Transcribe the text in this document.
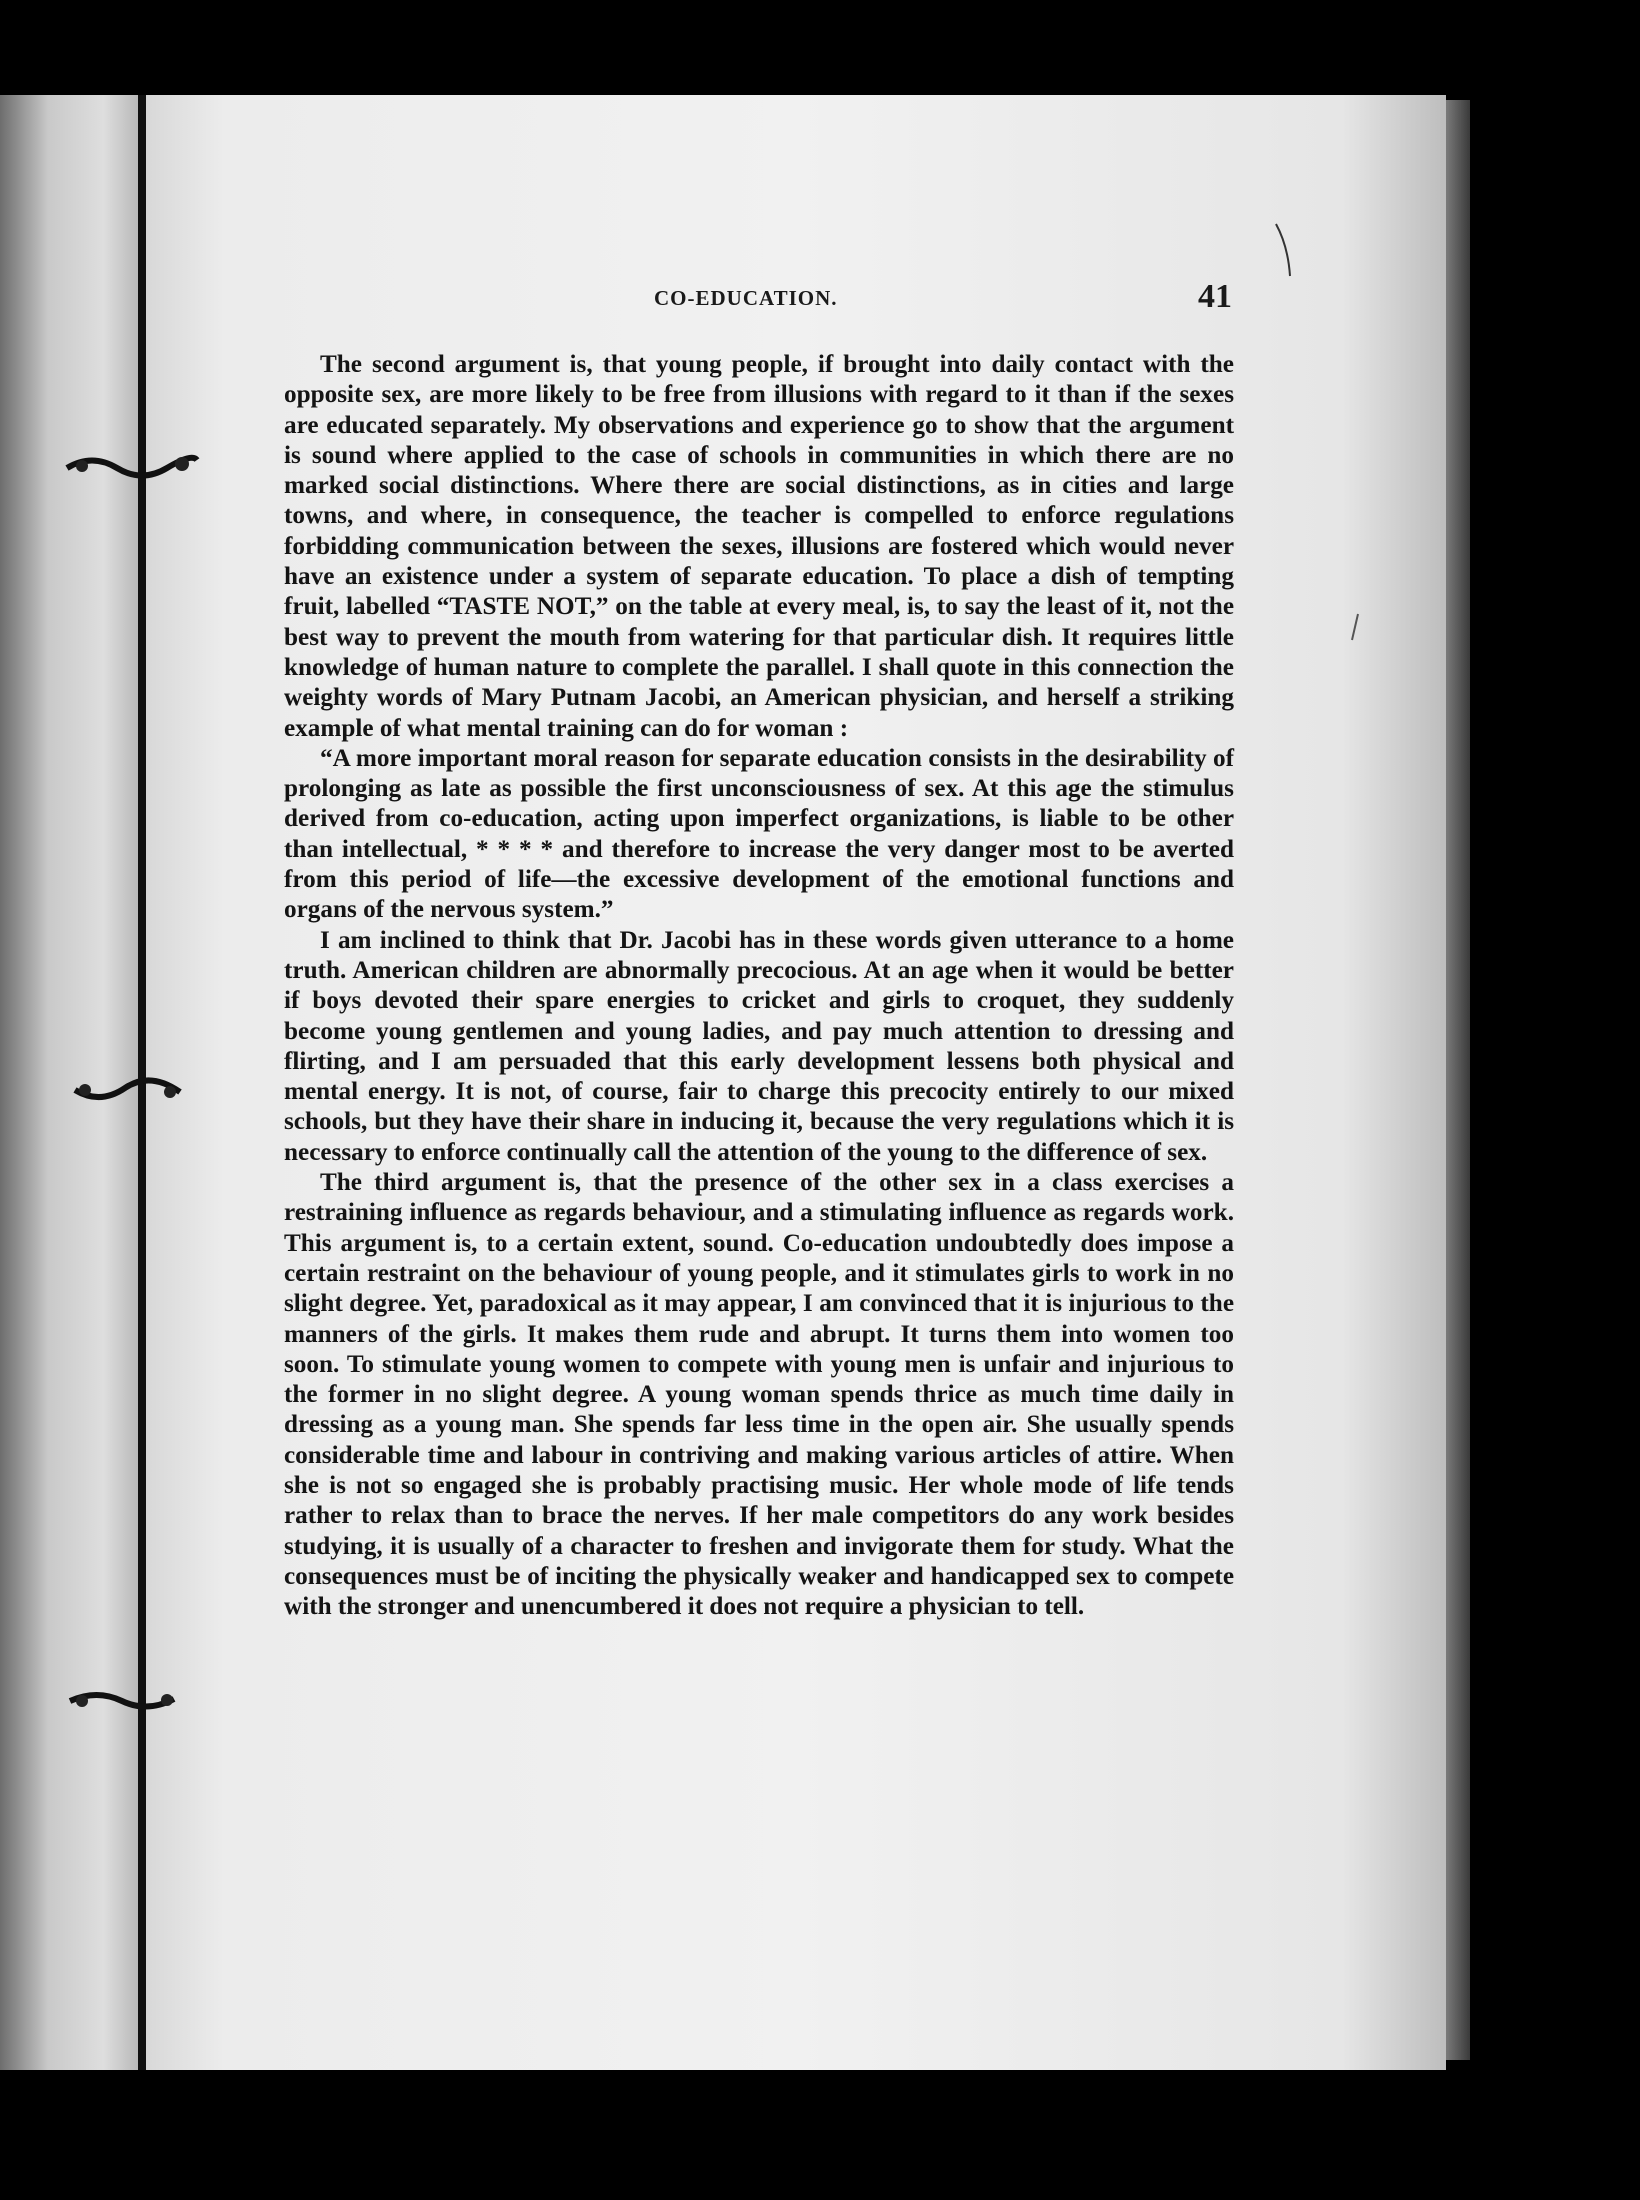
CO-EDUCATION.	41

The second argument is, that young people, if brought into daily contact with the opposite sex, are more likely to be free from illusions with regard to it than if the sexes are educated separately. My observations and experience go to show that the argument is sound where applied to the case of schools in communities in which there are no marked social distinctions. Where there are social distinctions, as in cities and large towns, and where, in consequence, the teacher is compelled to enforce regulations forbidding communication between the sexes, illusions are fostered which would never have an existence under a system of separate education. To place a dish of tempting fruit, labelled “TASTE NOT,” on the table at every meal, is, to say the least of it, not the best way to prevent the mouth from watering for that particular dish. It requires little knowledge of human nature to complete the parallel. I shall quote in this connection the weighty words of Mary Putnam Jacobi, an American physician, and herself a striking example of what mental training can do for woman :

“A more important moral reason for separate education consists in the desirability of prolonging as late as possible the first unconsciousness of sex. At this age the stimulus derived from co-education, acting upon imperfect organizations, is liable to be other than intellectual, * * * * and therefore to increase the very danger most to be averted from this period of life—the excessive development of the emotional functions and organs of the nervous system.”

I am inclined to think that Dr. Jacobi has in these words given utterance to a home truth. American children are abnormally precocious. At an age when it would be better if boys devoted their spare energies to cricket and girls to croquet, they suddenly become young gentlemen and young ladies, and pay much attention to dressing and flirting, and I am persuaded that this early development lessens both physical and mental energy. It is not, of course, fair to charge this precocity entirely to our mixed schools, but they have their share in inducing it, because the very regulations which it is necessary to enforce continually call the attention of the young to the difference of sex.

The third argument is, that the presence of the other sex in a class exercises a restraining influence as regards behaviour, and a stimulating influence as regards work. This argument is, to a certain extent, sound. Co-education undoubtedly does impose a certain restraint on the behaviour of young people, and it stimulates girls to work in no slight degree. Yet, paradoxical as it may appear, I am convinced that it is injurious to the manners of the girls. It makes them rude and abrupt. It turns them into women too soon. To stimulate young women to compete with young men is unfair and injurious to the former in no slight degree. A young woman spends thrice as much time daily in dressing as a young man. She spends far less time in the open air. She usually spends considerable time and labour in contriving and making various articles of attire. When she is not so engaged she is probably practising music. Her whole mode of life tends rather to relax than to brace the nerves. If her male competitors do any work besides studying, it is usually of a character to freshen and invigorate them for study. What the consequences must be of inciting the physically weaker and handicapped sex to compete with the stronger and unencumbered it does not require a physician to tell.
